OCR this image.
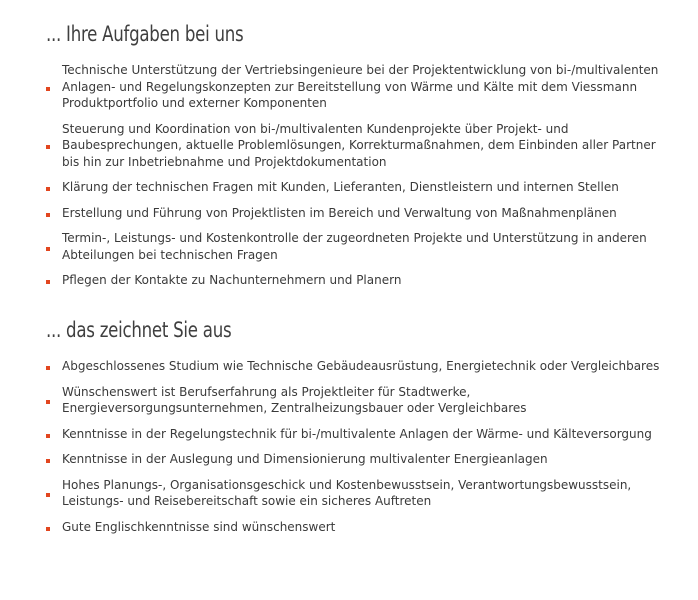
... Ihre Aufgaben bei uns
Technische Unterstützung der Vertriebsingenieure bei der Projektentwicklung von bi-/multivalenten Anlagen- und Regelungskonzepten zur Bereitstellung von Wärme und Kälte mit dem Viessmann Produktportfolio und externer Komponenten
Steuerung und Koordination von bi-/multivalenten Kundenprojekte über Projekt- und Baubesprechungen, aktuelle Problemlösungen, Korrekturmaßnahmen, dem Einbinden aller Partner bis hin zur Inbetriebnahme und Projektdokumentation
Klärung der technischen Fragen mit Kunden, Lieferanten, Dienstleistern und internen Stellen
Erstellung und Führung von Projektlisten im Bereich und Verwaltung von Maßnahmenplänen
Termin-, Leistungs- und Kostenkontrolle der zugeordneten Projekte und Unterstützung in anderen Abteilungen bei technischen Fragen
Pflegen der Kontakte zu Nachunternehmern und Planern
... das zeichnet Sie aus
Abgeschlossenes Studium wie Technische Gebäudeausrüstung, Energietechnik oder Vergleichbares
Wünschenswert ist Berufserfahrung als Projektleiter für Stadtwerke, Energieversorgungsunternehmen, Zentralheizungsbauer oder Vergleichbares
Kenntnisse in der Regelungstechnik für bi-/multivalente Anlagen der Wärme- und Kälteversorgung
Kenntnisse in der Auslegung und Dimensionierung multivalenter Energieanlagen
Hohes Planungs-, Organisationsgeschick und Kostenbewusstsein, Verantwortungsbewusstsein, Leistungs- und Reisebereitschaft sowie ein sicheres Auftreten
Gute Englischkenntnisse sind wünschenswert
